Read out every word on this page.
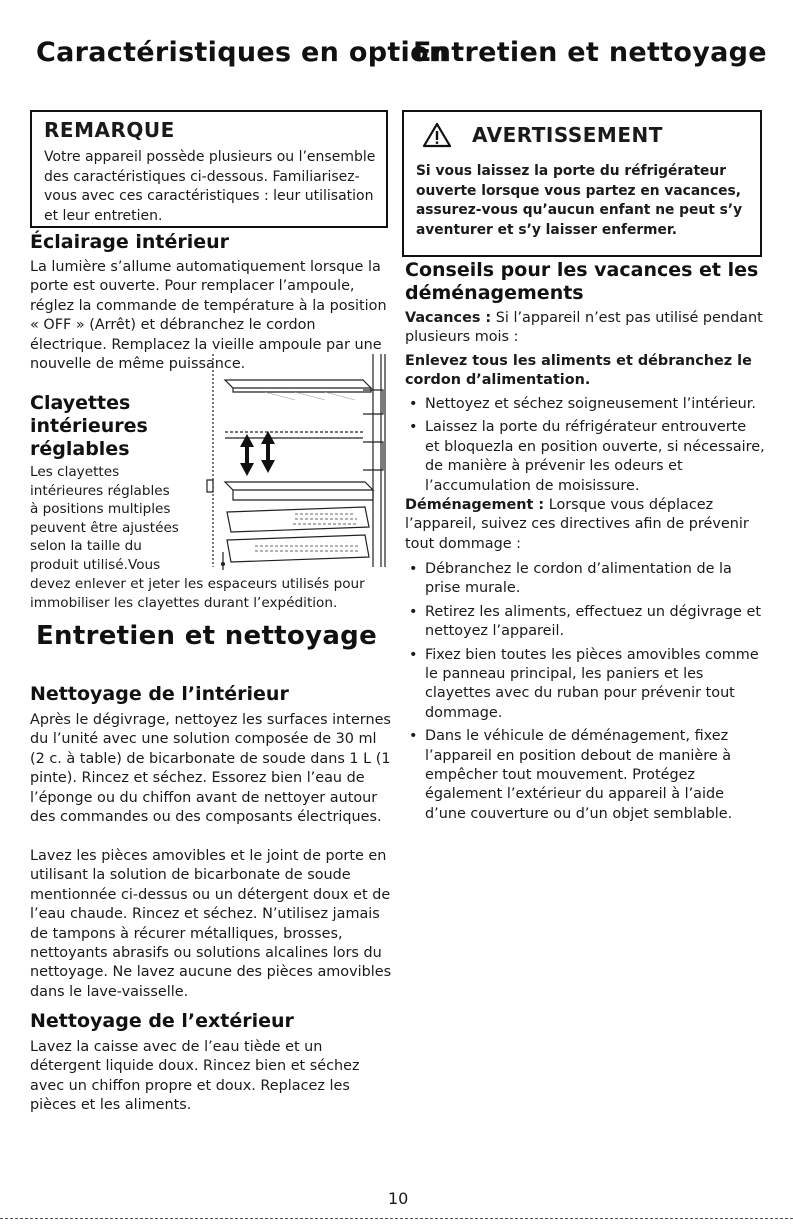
Caractéristiques en option
Entretien et nettoyage
REMARQUE

Votre appareil possède plusieurs ou l’ensemble des caractéristiques ci-dessous. Familiarisez-vous avec ces caractéristiques : leur utilisation et leur entretien.

Éclairage intérieur

La lumière s’allume automatiquement lorsque la porte est ouverte. Pour remplacer l’ampoule, réglez la commande de température à la position « OFF » (Arrêt) et débranchez le cordon électrique. Remplacez la vieille ampoule par une nouvelle de même puissance.

Clayettes
intérieures
réglables
Les clayettes
intérieures réglables
à positions multiples
peuvent être ajustées
selon la taille du
produit utilisé.Vous

devez enlever et jeter les espaceurs utilisés pour immobiliser les clayettes durant l’expédition.

Entretien et nettoyage
Nettoyage de l’intérieur

Après le dégivrage, nettoyez les surfaces internes du l’unité avec une solution composée de 30 ml (2 c. à table) de bicarbonate de soude dans 1 L (1 pinte). Rincez et séchez. Essorez bien l’eau de l’éponge ou du chiffon avant de nettoyer autour des commandes ou des composants électriques.

Lavez les pièces amovibles et le joint de porte en utilisant la solution de bicarbonate de soude mentionnée ci-dessus ou un détergent doux et de l’eau chaude. Rincez et séchez. N’utilisez jamais de tampons à récurer métalliques, brosses, nettoyants abrasifs ou solutions alcalines lors du nettoyage. Ne lavez aucune des pièces amovibles dans le lave-vaisselle.

Nettoyage de l’extérieur

Lavez la caisse avec de l’eau tiède et un détergent liquide doux. Rincez bien et séchez avec un chiffon propre et doux. Replacez les pièces et les aliments.

AVERTISSEMENT

Si vous laissez la porte du réfrigérateur ouverte lorsque vous partez en vacances, assurez-vous qu’aucun enfant ne peut s’y aventurer et s’y laisser enfermer.

Conseils pour les vacances et les déménagements

Vacances : Si l’appareil n’est pas utilisé pendant plusieurs mois :

Enlevez tous les aliments et débranchez le cordon d’alimentation.

• Nettoyez et séchez soigneusement l’intérieur.
• Laissez la porte du réfrigérateur entrouverte et bloquezla en position ouverte, si nécessaire, de manière à prévenir les odeurs et l’accumulation de moisissure.

Déménagement : Lorsque vous déplacez l’appareil, suivez ces directives afin de prévenir tout dommage :

• Débranchez le cordon d’alimentation de la prise murale.
• Retirez les aliments, effectuez un dégivrage et nettoyez l’appareil.
• Fixez bien toutes les pièces amovibles comme le panneau principal, les paniers et les clayettes avec du ruban pour prévenir tout dommage.
• Dans le véhicule de déménagement, fixez l’appareil en position debout de manière à empêcher tout mouvement. Protégez également l’extérieur du appareil à l’aide d’une couverture ou d’un objet semblable.
10
